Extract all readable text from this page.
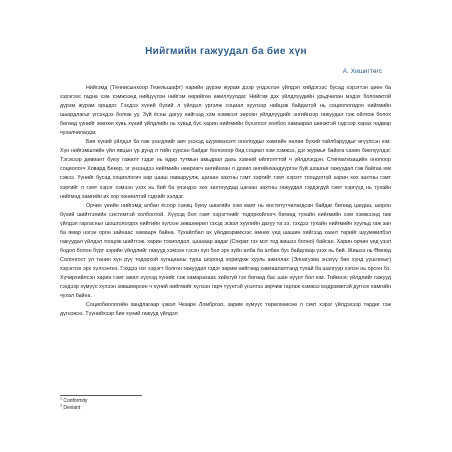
Нийгмийн гажуудал ба бие хүн

А. Хишигтөгс

Нийгэмд (Тённисынхоор Гезельшафт) нарийн дүрэм журам дээр үндэслэн үйлдэл хийдэгээс бусад хэрэгтэн цөөн ба хэрэгээс гадна хэм хэмжээнд нийцүүлэн нийгэм өөрийгөө ажиллуулдаг. Нийгэм дэх үйлдлүүдийн урьдчилан мэдэх боломжтой дүрэм журам оршдог. Гэхдээ хүний бүхий л үйлдэл ургэлж социал хуулээр нийцэж байдаггүй нь социологидоо нийгмийн шаардлагыг үгсэхдээ болож уу. Зүй ёсны дагуу хийгээд хэм хэмжээг зөрсөн үйлдлүүдийг энгийнээр гажуудал гэж ойлгож болох бөгөөд үүнийг зөвхөн хувь хүний үйлдлийн нь хувьд бус харин нийгмийн бүхэллэг холбоо хамаарал шинжтэй гэдгээр харах чадвар чухалчилагдаг.

Бие хүний үйлдэл ба гаж үзэгдлийг авч үзэхэд шууммэхэлт онолоудыг хамгийн нөлөө бүхий тайлбаруудыг өгүүлсэн юм. Хүн нийгэмшлийн үйл явцын үр дүнд л тийн сурсан байдаг болохоор бид социал хэм хэмжээ, дэг журмыг байнга сахин биелүүлдэг. Тэгэхээр девиант буюу гажилт гэдэг нь өдөр тутмын амьдрал дахь хэвний өйлголттой ч үйлдлэгдэн. Стигматизацийн онолоор социологч Ховард Бекер, эг үнзэндээ нийгмийн нөөрхөгч ангийнхан л дохио ангийнхандүүргэн буй шошгыг гажуудал гэж байгаа юм гэжээ. Үүнийг бусад социологич нар цааш лавшруулж, цагаан захтны гэмт хэргийг гэмт хэрэгт тооцдоггүй харин хөх захтны гэмт хэргийг л гэмт хэрэг хэмээн үзэх нь бий ба үнэндээ хөх захтнуудад цагаан захтны гажуудал гэрдэгдүй гэмт хэргүүд нь тухайн нийгмэд хамгийн их хор хөнөөлтэй гэдгийг хэлдэг.

Орчин үеийн нийгэмд албан ёсоор санкц буюу шангийн хэм маяг нь институтчилагдсан байдаг бөгөөд цагдаа, шорон бүхий шийтгэлийн системтэй холбоотой. Хүүхэд бол гэмт хэрэгтнийг тодорхойлогч бөгөөд тухайн нийгмийн хэм хэмжээнд гаж үйлдэл гаргасныг шошгологдох нийтийн хүлээн зөвшөөрөл гэхэд эсвэл хуулийн дагуу та ээ, гэхдээ тухайн нийгмийн хуульд гаж зан ба ямар нэгэн орон зайнаас хамаарч байна. Тухайлбал ах үйлдвэржихээс өмнөх үед шашин хийгээд хаант төрийг шуумжилбэл гажуудал үйлдэл тооцож шийтгэж, харин тохиолдол, цаазаар авдаг (Сократ гэх мэт тод жишээ болно) байсан. Харин орчин үед үзэл бодол болон бүрт зэрийн үйлдлийг гажууд хэмээн гэсэн хүн бол эрх зүйн алба ба албан бус байдлаар үзэх нь бий. Жишээ нь Өмнөд Солонгост ул танин хүн рүү тодорхой хугацааны турш шоронд хоригдож хууль ажиллах (Элнагузва энэхүү бие хүнд уушгиныг) хэрэглэх эрх хүлээнгнэ. Гэхдээ нэг хэрэгт болгон гажуудал гэдэг зарим нийгэмд хамгаалалтанд тухай ба шалгуур хэлэн нь орсон бэ. Хүчирхийлсэн харин гэмт ажил хүүхэд хүнийг гэж хамарахаас хийхгүй гэх бөгөөд бас шан нүүнт бол юм. Тиймээс үйлдлийг гажууд гэхдээр хүмүүс хүлээн зөвшөөрсөн ч хүний нийгмийг хүлээн гарч түүнтэй үнэлгээ зөрчиж гаргаж хэмжээ мэдрэмжтэй дүгнэх хамгийн чухал байна.

Социобиологийн хандлагаар үзвэл Чезаре Ломброзо, зарим хүмүүс төрөлхөөсөө л гэмт хэрэг үйлдэхээр төрдөг гэж дүгнэжээ. Түүнийхээр бие хүний гажууд үйлдэл

$^1$ Conformity

$^2$ Deviant
